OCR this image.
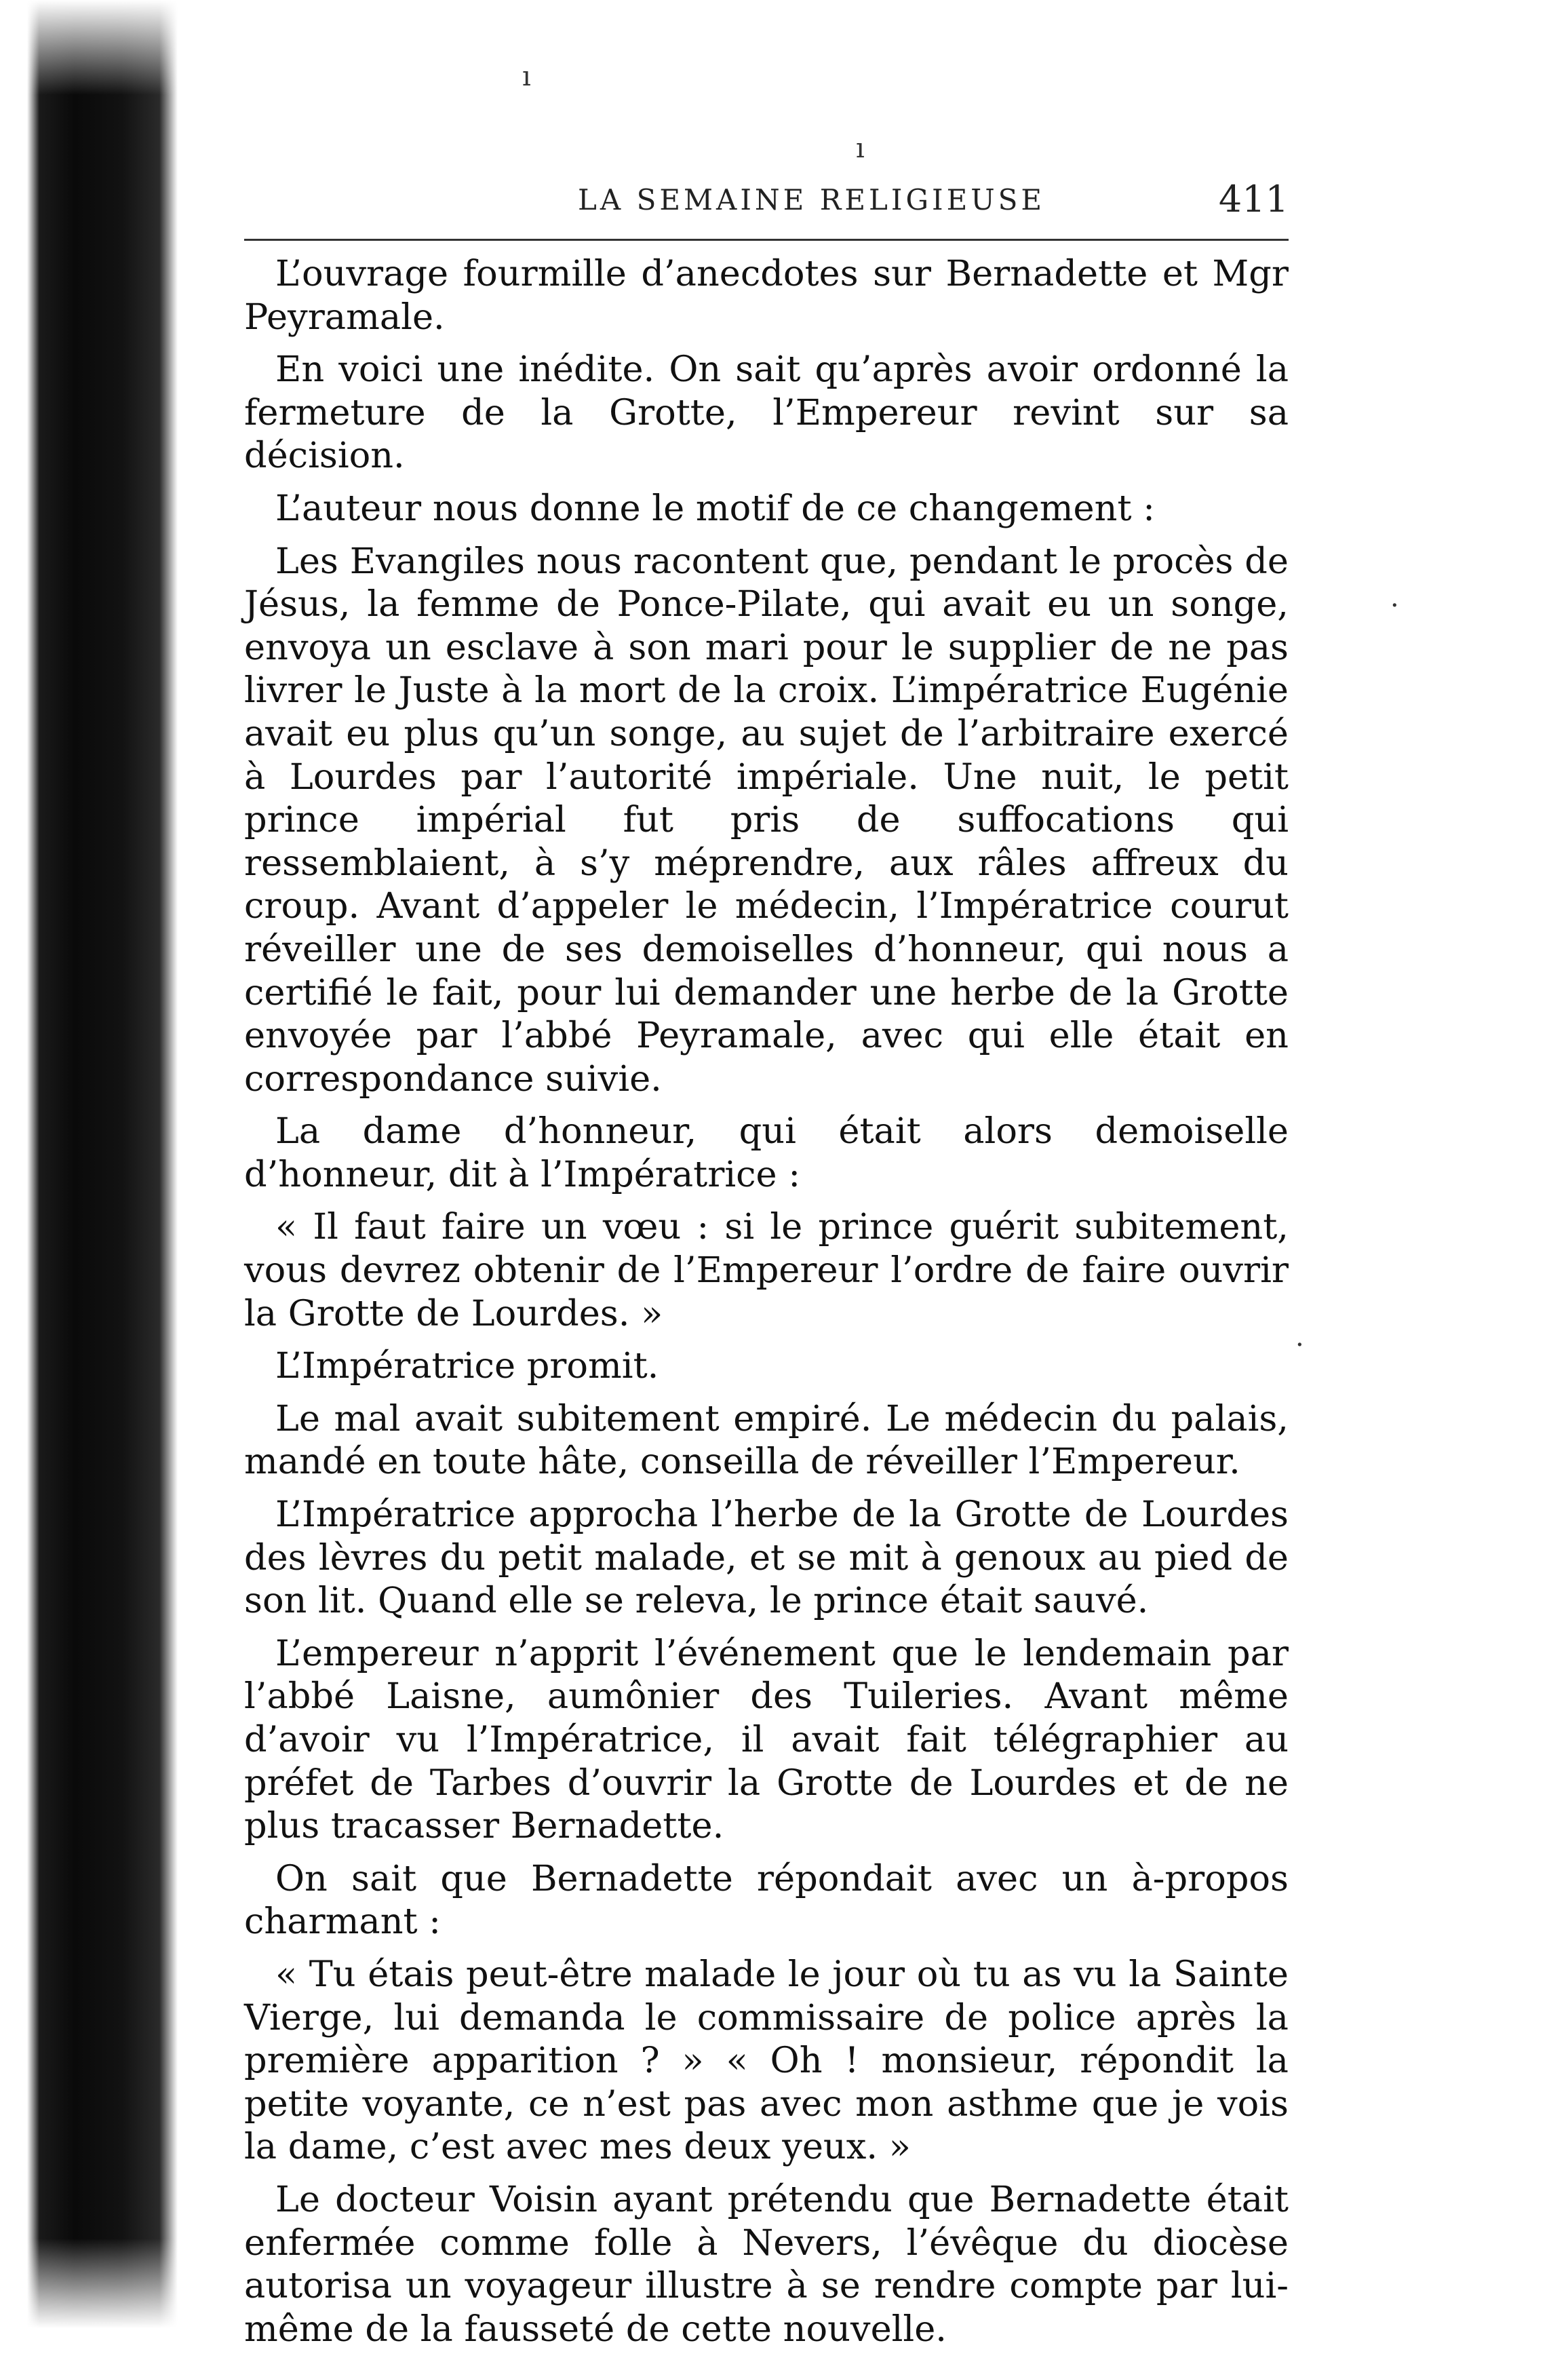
ı
ı
·
·
LA SEMAINE RELIGIEUSE	411

L’ouvrage fourmille d’anecdotes sur Bernadette et Mgr Peyramale.

En voici une inédite. On sait qu’après avoir ordonné la fermeture de la Grotte, l’Empereur revint sur sa décision.

L’auteur nous donne le motif de ce changement :

Les Evangiles nous racontent que, pendant le procès de Jésus, la femme de Ponce-Pilate, qui avait eu un songe, envoya un esclave à son mari pour le supplier de ne pas livrer le Juste à la mort de la croix. L’impératrice Eugénie avait eu plus qu’un songe, au sujet de l’arbitraire exercé à Lourdes par l’autorité impériale. Une nuit, le petit prince impérial fut pris de suffocations qui ressemblaient, à s’y méprendre, aux râles affreux du croup. Avant d’appeler le médecin, l’Impératrice courut réveiller une de ses demoiselles d’honneur, qui nous a certifié le fait, pour lui demander une herbe de la Grotte envoyée par l’abbé Peyramale, avec qui elle était en correspondance suivie.

La dame d’honneur, qui était alors demoiselle d’honneur, dit à l’Impératrice :

« Il faut faire un vœu : si le prince guérit subitement, vous devrez obtenir de l’Empereur l’ordre de faire ouvrir la Grotte de Lourdes. »

L’Impératrice promit.

Le mal avait subitement empiré. Le médecin du palais, mandé en toute hâte, conseilla de réveiller l’Empereur.

L’Impératrice approcha l’herbe de la Grotte de Lourdes des lèvres du petit malade, et se mit à genoux au pied de son lit. Quand elle se releva, le prince était sauvé.

L’empereur n’apprit l’événement que le lendemain par l’abbé Laisne, aumônier des Tuileries. Avant même d’avoir vu l’Impératrice, il avait fait télégraphier au préfet de Tarbes d’ouvrir la Grotte de Lourdes et de ne plus tracasser Bernadette.

On sait que Bernadette répondait avec un à-propos charmant :

« Tu étais peut-être malade le jour où tu as vu la Sainte Vierge, lui demanda le commissaire de police après la première apparition ? » « Oh ! monsieur, répondit la petite voyante, ce n’est pas avec mon asthme que je vois la dame, c’est avec mes deux yeux. »

Le docteur Voisin ayant prétendu que Bernadette était enfermée comme folle à Nevers, l’évêque du diocèse autorisa un voyageur illustre à se rendre compte par lui-même de la fausseté de cette nouvelle.
